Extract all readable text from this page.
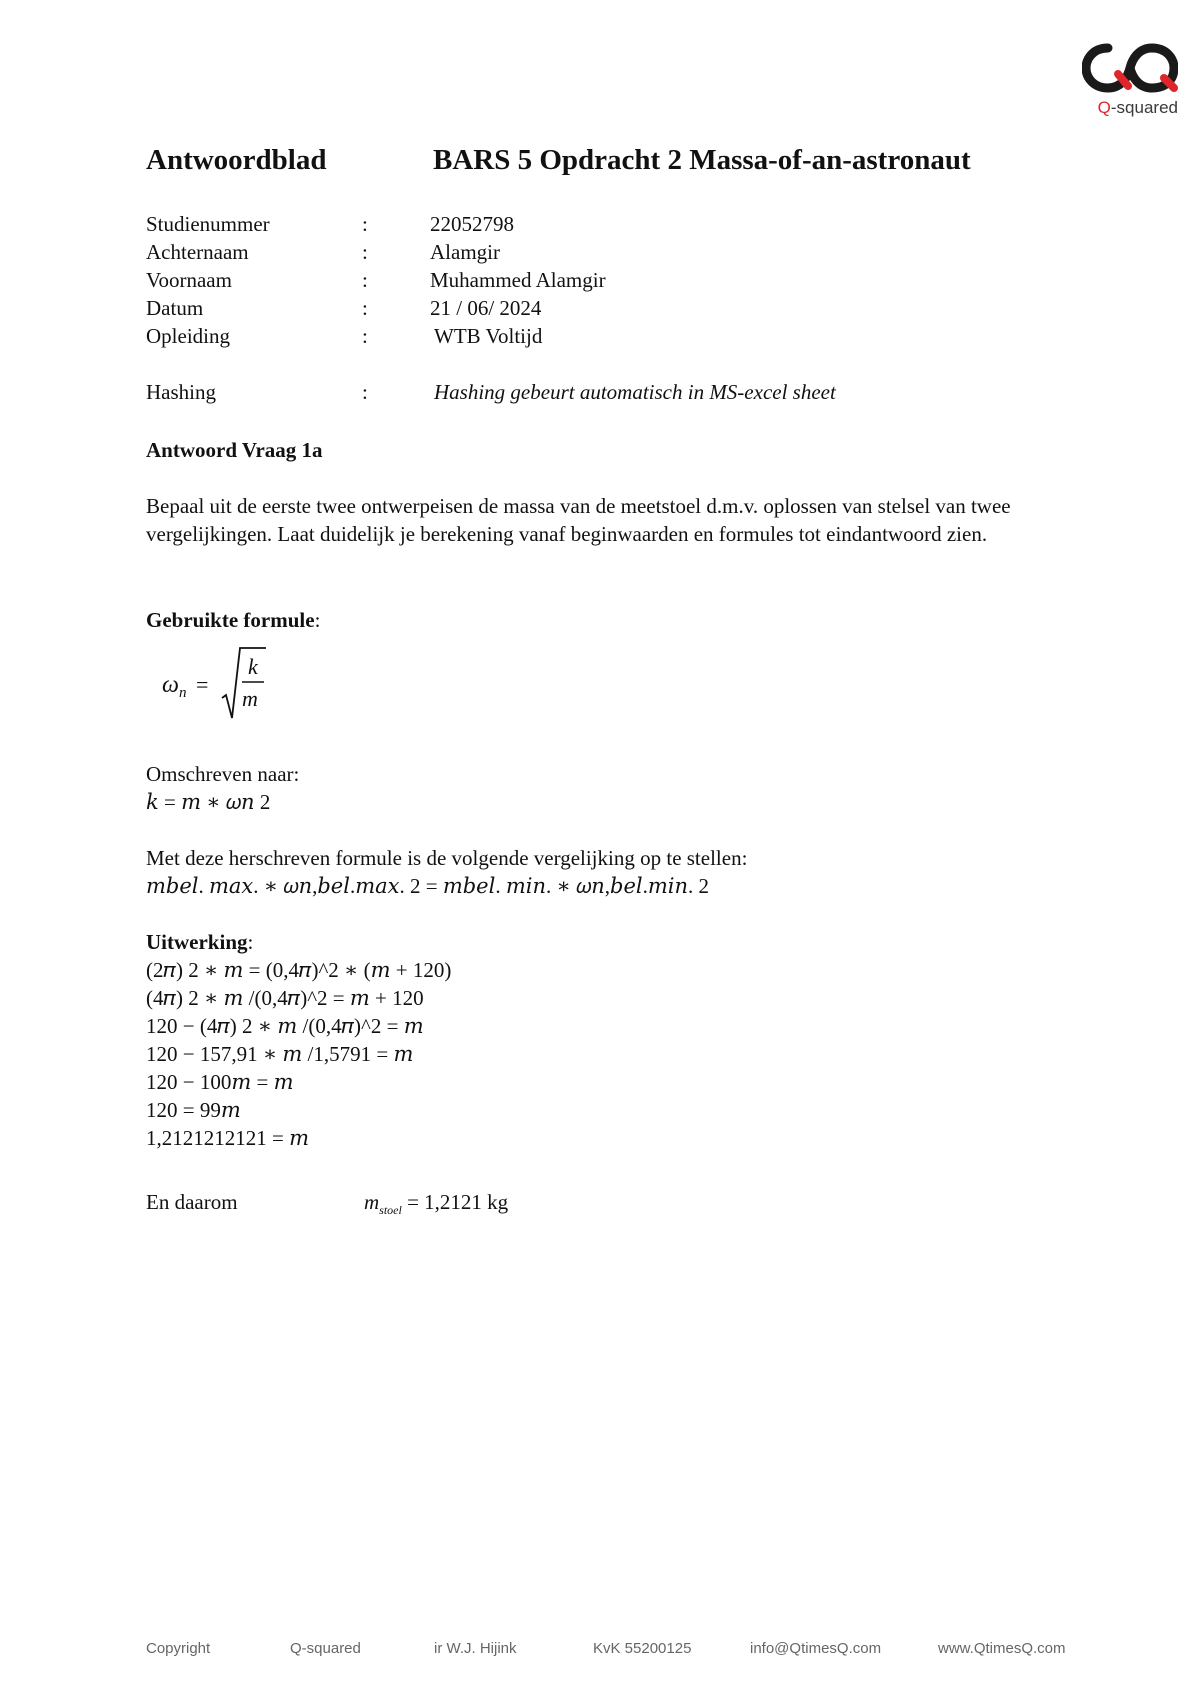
Q-squared
Antwoordblad	BARS 5 Opdracht 2 Massa-of-an-astronaut
Studienummer	:	22052798
Achternaam	:	Alamgir
Voornaam	:	Muhammed Alamgir
Datum	:	21 / 06/ 2024
Opleiding	:	WTB Voltijd
Hashing	:	Hashing gebeurt automatisch in MS-excel sheet
Antwoord Vraag 1a
Bepaal uit de eerste twee ontwerpeisen de massa van de meetstoel d.m.v. oplossen van stelsel van twee vergelijkingen. Laat duidelijk je berekening vanaf beginwaarden en formules tot eindantwoord zien.
Gebruikte formule:
ω n =
k
m
Omschreven naar:
𝑘 = 𝑚 ∗ 𝜔𝑛 2
Met deze herschreven formule is de volgende vergelijking op te stellen:
𝑚𝑏𝑒𝑙. 𝑚𝑎𝑥. ∗ 𝜔𝑛,𝑏𝑒𝑙.𝑚𝑎𝑥. 2 = 𝑚𝑏𝑒𝑙. 𝑚𝑖𝑛. ∗ 𝜔𝑛,𝑏𝑒𝑙.𝑚𝑖𝑛. 2
Uitwerking:
(2𝜋) 2 ∗ 𝑚 = (0,4𝜋)^2 ∗ (𝑚 + 120)
(4𝜋) 2 ∗ 𝑚 /(0,4𝜋)^2 = 𝑚 + 120
120 − (4𝜋) 2 ∗ 𝑚 /(0,4𝜋)^2 = 𝑚
120 − 157,91 ∗ 𝑚 /1,5791 = 𝑚
120 − 100𝑚 = 𝑚
120 = 99𝑚
1,2121212121 = 𝑚
En daarom	$m_{stoel} = 1,2121$ kg
Copyright	Q-squared	ir W.J. Hijink	KvK 55200125	info@QtimesQ.com	www.QtimesQ.com
